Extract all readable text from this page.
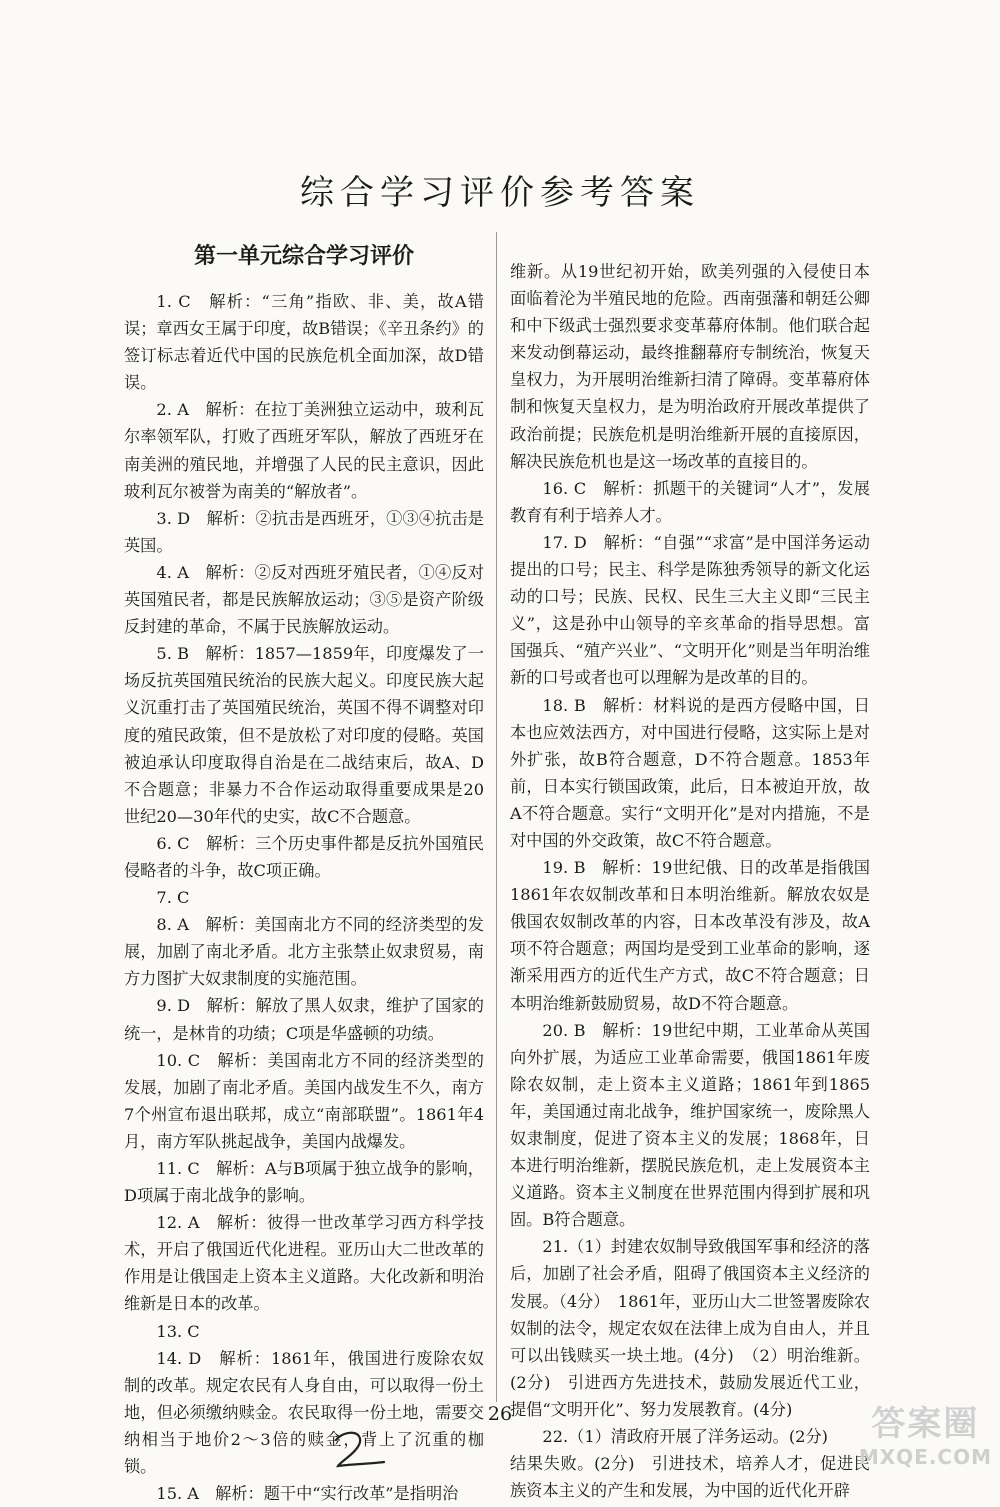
综合学习评价参考答案
第一单元综合学习评价

1. C　解析：“三角”指欧、非、美，故A错误；章西女王属于印度，故B错误；《辛丑条约》的签订标志着近代中国的民族危机全面加深，故D错误。

2. A　解析：在拉丁美洲独立运动中，玻利瓦尔率领军队，打败了西班牙军队，解放了西班牙在南美洲的殖民地，并增强了人民的民主意识，因此玻利瓦尔被誉为南美的“解放者”。

3. D　解析：②抗击是西班牙，①③④抗击是英国。

4. A　解析：②反对西班牙殖民者，①④反对英国殖民者，都是民族解放运动；③⑤是资产阶级反封建的革命，不属于民族解放运动。

5. B　解析：1857—1859年，印度爆发了一场反抗英国殖民统治的民族大起义。印度民族大起义沉重打击了英国殖民统治，英国不得不调整对印度的殖民政策，但不是放松了对印度的侵略。英国被迫承认印度取得自治是在二战结束后，故A、D不合题意；非暴力不合作运动取得重要成果是20世纪20—30年代的史实，故C不合题意。

6. C　解析：三个历史事件都是反抗外国殖民侵略者的斗争，故C项正确。

7. C

8. A　解析：美国南北方不同的经济类型的发展，加剧了南北矛盾。北方主张禁止奴隶贸易，南方力图扩大奴隶制度的实施范围。

9. D　解析：解放了黑人奴隶，维护了国家的统一，是林肯的功绩；C项是华盛顿的功绩。

10. C　解析：美国南北方不同的经济类型的发展，加剧了南北矛盾。美国内战发生不久，南方7个州宣布退出联邦，成立“南部联盟”。1861年4月，南方军队挑起战争，美国内战爆发。

11. C　解析：A与B项属于独立战争的影响，D项属于南北战争的影响。

12. A　解析：彼得一世改革学习西方科学技术，开启了俄国近代化进程。亚历山大二世改革的作用是让俄国走上资本主义道路。大化改新和明治维新是日本的改革。

13. C

14. D　解析：1861年，俄国进行废除农奴制的改革。规定农民有人身自由，可以取得一份土地，但必须缴纳赎金。农民取得一份土地，需要交纳相当于地价2～3倍的赎金，背上了沉重的枷锁。

15. A　解析：题干中“实行改革”是指明治

维新。从19世纪初开始，欧美列强的入侵使日本面临着沦为半殖民地的危险。西南强藩和朝廷公卿和中下级武士强烈要求变革幕府体制。他们联合起来发动倒幕运动，最终推翻幕府专制统治，恢复天皇权力，为开展明治维新扫清了障碍。变革幕府体制和恢复天皇权力，是为明治政府开展改革提供了政治前提；民族危机是明治维新开展的直接原因，解决民族危机也是这一场改革的直接目的。

16. C　解析：抓题干的关键词“人才”，发展教育有利于培养人才。

17. D　解析：“自强”“求富”是中国洋务运动提出的口号；民主、科学是陈独秀领导的新文化运动的口号；民族、民权、民生三大主义即“三民主义”，这是孙中山领导的辛亥革命的指导思想。富国强兵、“殖产兴业”、“文明开化”则是当年明治维新的口号或者也可以理解为是改革的目的。

18. B　解析：材料说的是西方侵略中国，日本也应效法西方，对中国进行侵略，这实际上是对外扩张，故B符合题意，D不符合题意。1853年前，日本实行锁国政策，此后，日本被迫开放，故A不符合题意。实行“文明开化”是对内措施，不是对中国的外交政策，故C不符合题意。

19. B　解析：19世纪俄、日的改革是指俄国1861年农奴制改革和日本明治维新。解放农奴是俄国农奴制改革的内容，日本改革没有涉及，故A项不符合题意；两国均是受到工业革命的影响，逐渐采用西方的近代生产方式，故C不符合题意；日本明治维新鼓励贸易，故D不符合题意。

20. B　解析：19世纪中期，工业革命从英国向外扩展，为适应工业革命需要，俄国1861年废除农奴制，走上资本主义道路；1861年到1865年，美国通过南北战争，维护国家统一，废除黑人奴隶制度，促进了资本主义的发展；1868年，日本进行明治维新，摆脱民族危机，走上发展资本主义道路。资本主义制度在世界范围内得到扩展和巩固。B符合题意。

21.（1）封建农奴制导致俄国军事和经济的落后，加剧了社会矛盾，阻碍了俄国资本主义经济的发展。（4分）　1861年，亚历山大二世签署废除农奴制的法令，规定农奴在法律上成为自由人，并且可以出钱赎买一块土地。(4分)　（2）明治维新。(2分)　引进西方先进技术，鼓励发展近代工业，提倡“文明开化”、努力发展教育。(4分)

22.（1）清政府开展了洋务运动。(2分)

结果失败。(2分)　引进技术，培养人才，促进民族资本主义的产生和发展，为中国的近代化开辟

26	答案圈
MXQE.COM
